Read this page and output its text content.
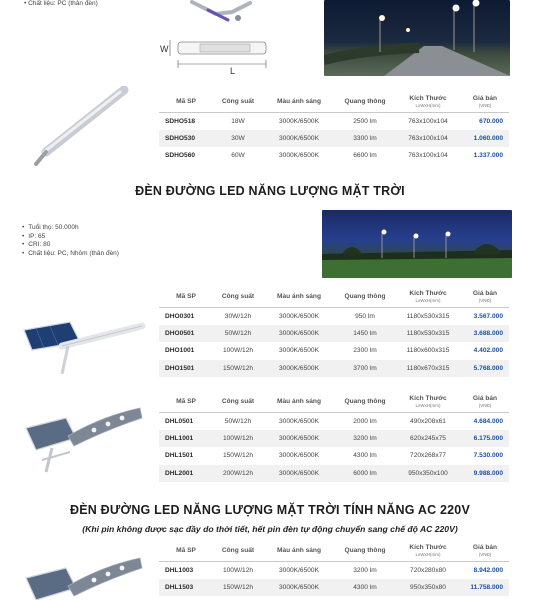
• Chất liệu: PC (thân đèn)
W
L
Mã SP	Công suất	Màu ánh sáng	Quang thông	Kích Thước
LxWxH(mm)	Giá bán
(VNĐ)

SDHO518	18W	3000K/6500K	2500 lm	763x100x104	670.000
SDHO530	30W	3000K/6500K	3300 lm	763x100x104	1.060.000
SDHO560	60W	3000K/6500K	6600 lm	763x100x104	1.337.000
ĐÈN ĐƯỜNG LED NĂNG LƯỢNG MẶT TRỜI
• Tuổi thọ: 50.000h
• IP: 65
• CRI: 80
• Chất liệu: PC, Nhôm (thân đèn)
Mã SP	Công suất	Màu ánh sáng	Quang thông	Kích Thước
LxWxH(mm)	Giá bán
(VNĐ)

DHO0301	30W/12h	3000K/6500K	950 lm	1180x530x315	3.567.000
DHO0501	50W/12h	3000K/6500K	1450 lm	1180x530x315	3.688.000
DHO1001	100W/12h	3000K/6500K	2300 lm	1180x600x315	4.402.000
DHO1501	150W/12h	3000K/6500K	3700 lm	1180x670x315	5.768.000
Mã SP	Công suất	Màu ánh sáng	Quang thông	Kích Thước
LxWxH(mm)	Giá bán
(VNĐ)

DHL0501	50W/12h	3000K/6500K	2000 lm	490x208x61	4.684.000
DHL1001	100W/12h	3000K/6500K	3200 lm	620x245x75	6.175.000
DHL1501	150W/12h	3000K/6500K	4300 lm	720x268x77	7.530.000
DHL2001	200W/12h	3000K/6500K	6000 lm	950x350x100	9.988.000
ĐÈN ĐƯỜNG LED NĂNG LƯỢNG MẶT TRỜI TÍNH NĂNG AC 220V
(Khi pin không được sạc đầy do thời tiết, hết pin đèn tự động chuyển sang chế độ AC 220V)
Mã SP	Công suất	Màu ánh sáng	Quang thông	Kích Thước
LxWxH(mm)	Giá bán
(VNĐ)

DHL1003	100W/12h	3000K/6500K	3200 lm	720x280x80	8.942.000
DHL1503	150W/12h	3000K/6500K	4300 lm	950x350x80	11.758.000
